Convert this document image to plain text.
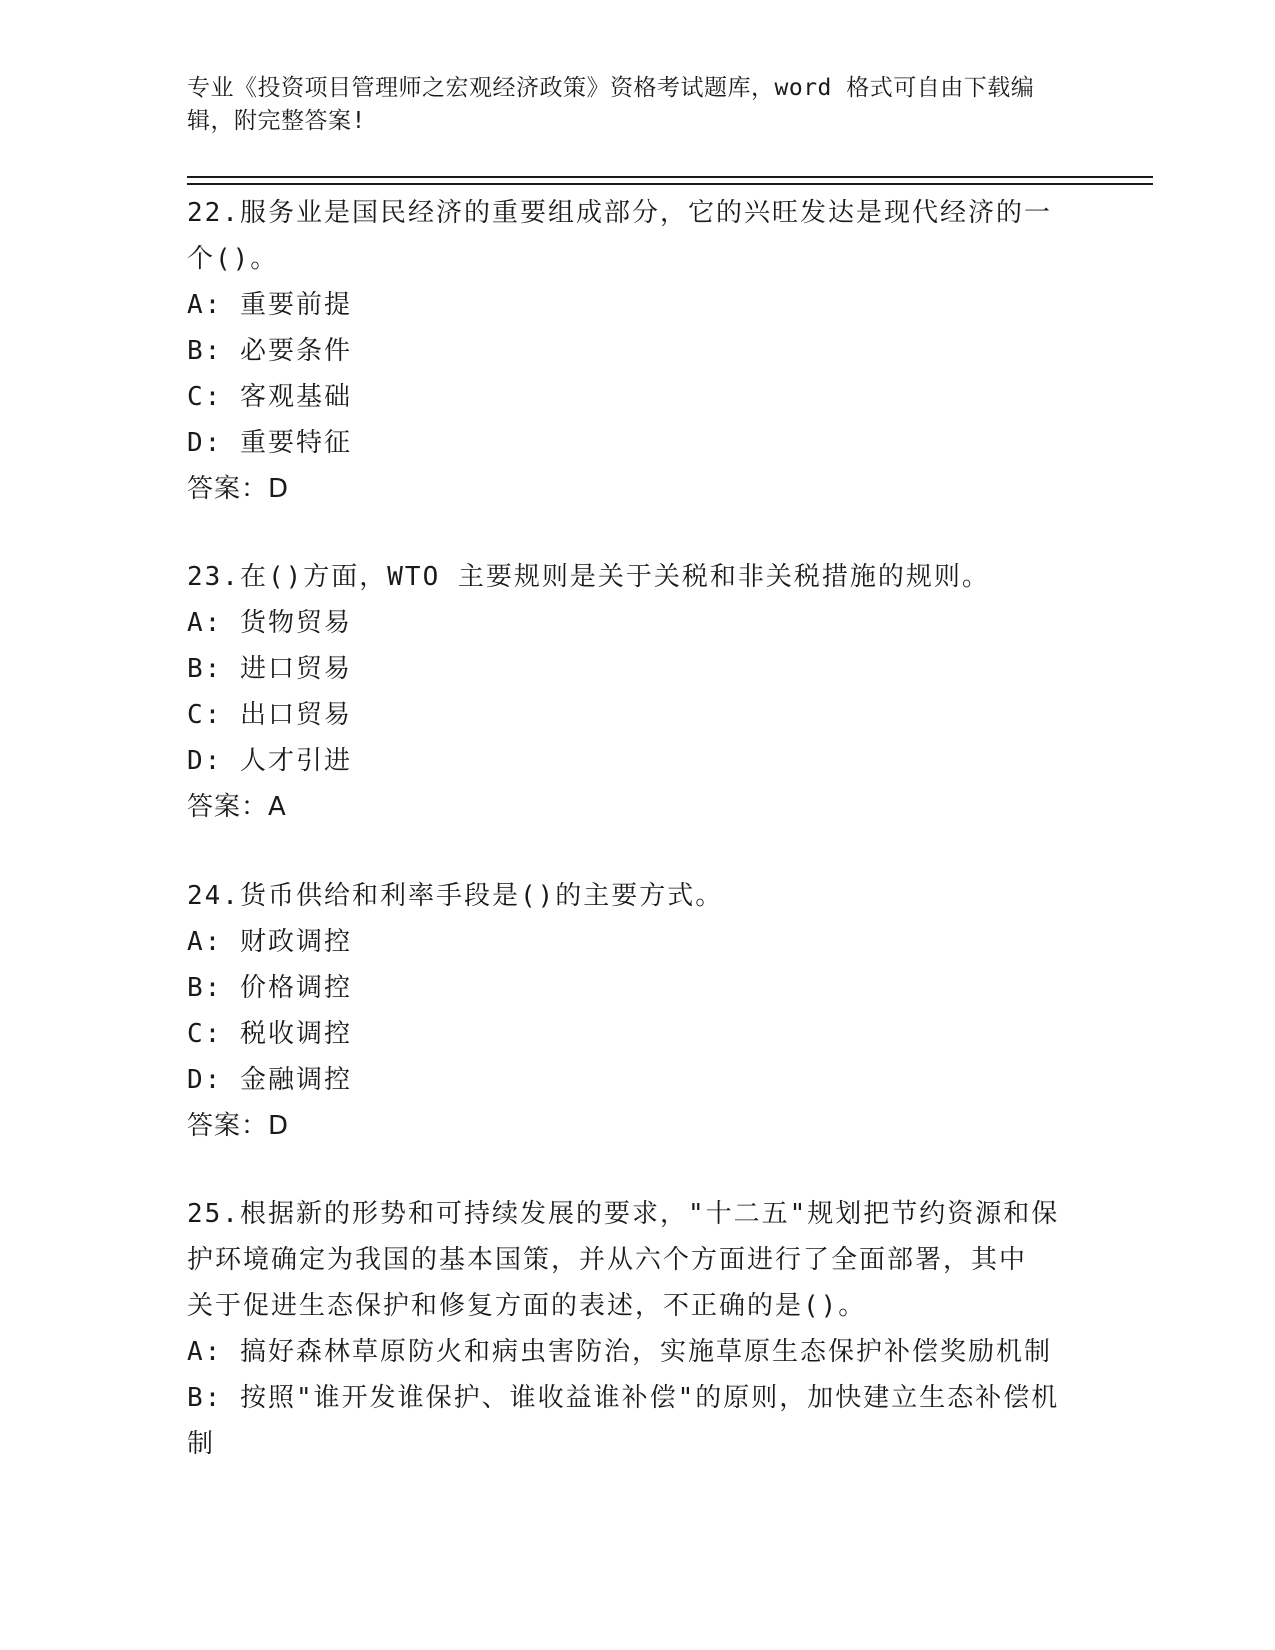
专业《投资项目管理师之宏观经济政策》资格考试题库，word 格式可自由下载编
辑，附完整答案!
22.服务业是国民经济的重要组成部分，它的兴旺发达是现代经济的一
个()。
A: 重要前提
B: 必要条件
C: 客观基础
D: 重要特征
答案：D
23.在()方面，WTO 主要规则是关于关税和非关税措施的规则。
A: 货物贸易
B: 进口贸易
C: 出口贸易
D: 人才引进
答案：A
24.货币供给和利率手段是()的主要方式。
A: 财政调控
B: 价格调控
C: 税收调控
D: 金融调控
答案：D
25.根据新的形势和可持续发展的要求，"十二五"规划把节约资源和保
护环境确定为我国的基本国策，并从六个方面进行了全面部署，其中
关于促进生态保护和修复方面的表述，不正确的是()。
A: 搞好森林草原防火和病虫害防治，实施草原生态保护补偿奖励机制
B: 按照"谁开发谁保护、谁收益谁补偿"的原则，加快建立生态补偿机
制
